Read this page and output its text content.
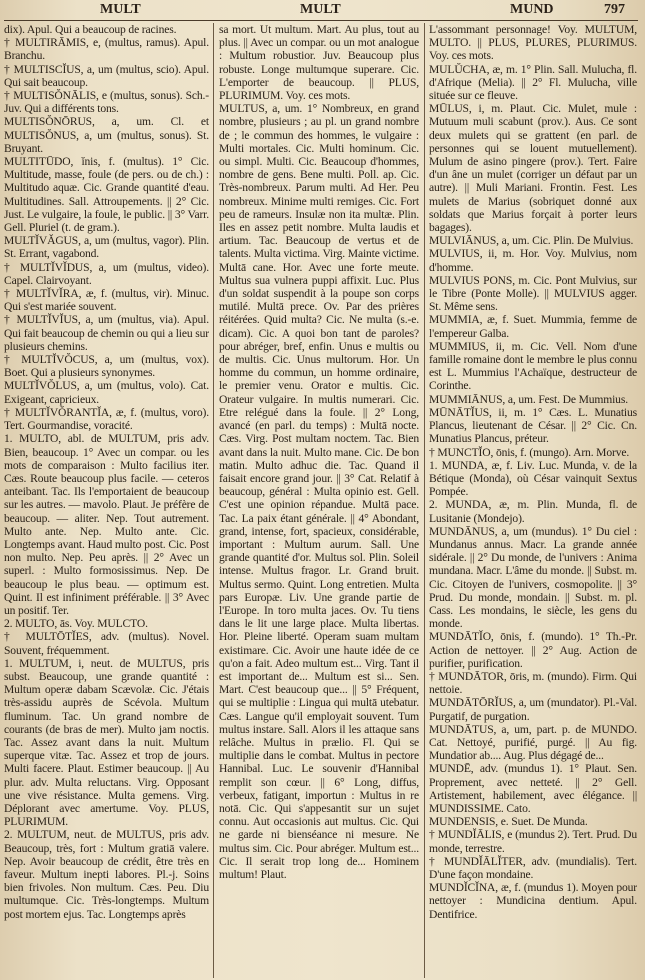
MULT	MULT	MUND	797

dix). Apul. Qui a beaucoup de racines.

† MULTIRĀMIS, e, (multus, ramus). Apul. Branchu.

† MULTISCĬUS, a, um (multus, scio). Apul. Qui sait beaucoup.

† MULTISŎNĀLIS, e (multus, sonus). Sch.-Juv. Qui a différents tons.

MULTISŎNŌRUS, a, um. Cl. et MULTISŎNUS, a, um (multus, sonus). St. Bruyant.

MULTITŪDO, ĭnis, f. (multus). 1° Cic. Multitude, masse, foule (de pers. ou de ch.) : Multitudo aquæ. Cic. Grande quantité d'eau. Multitudines. Sall. Attroupements. || 2° Cic. Just. Le vulgaire, la foule, le public. || 3° Varr. Gell. Pluriel (t. de gram.).

MULTĬVĂGUS, a, um (multus, vagor). Plin. St. Errant, vagabond.

† MULTĬVĬDUS, a, um (multus, video). Capel. Clairvoyant.

† MULTĬVĬRA, æ, f. (multus, vir). Minuc. Qui s'est mariée souvent.

† MULTĬVĬUS, a, um (multus, via). Apul. Qui fait beaucoup de chemin ou qui a lieu sur plusieurs chemins.

† MULTĬVŎCUS, a, um (multus, vox). Boet. Qui a plusieurs synonymes.

MULTĬVŎLUS, a, um (multus, volo). Cat. Exigeant, capricieux.

† MULTĬVŎRANTĬA, æ, f. (multus, voro). Tert. Gourmandise, voracité.

1. MULTO, abl. de MULTUM, pris adv. Bien, beaucoup. 1° Avec un compar. ou les mots de comparaison : Multo facilius iter. Cæs. Route beaucoup plus facile. — ceteros anteibant. Tac. Ils l'emportaient de beaucoup sur les autres. — mavolo. Plaut. Je préfère de beaucoup. — aliter. Nep. Tout autrement. Multo ante. Nep. Multo ante. Cic. Longtemps avant. Haud multo post. Cic. Post non multo. Nep. Peu après. || 2° Avec un superl. : Multo formosissimus. Nep. De beaucoup le plus beau. — optimum est. Quint. Il est infiniment préférable. || 3° Avec un positif. Ter.

2. MULTO, ās. Voy. MULCTO.

† MULTŌTĬES, adv. (multus). Novel. Souvent, fréquemment.

1. MULTUM, i, neut. de MULTUS, pris subst. Beaucoup, une grande quantité : Multum operæ dabam Scævolæ. Cic. J'étais très-assidu auprès de Scévola. Multum fluminum. Tac. Un grand nombre de courants (de bras de mer). Multo jam noctis. Tac. Assez avant dans la nuit. Multum superque vitæ. Tac. Assez et trop de jours. Multi facere. Plaut. Estimer beaucoup. || Au plur. adv. Multa reluctans. Virg. Opposant une vive résistance. Multa gemens. Virg. Déplorant avec amertume. Voy. PLUS, PLURIMUM.

2. MULTUM, neut. de MULTUS, pris adv. Beaucoup, très, fort : Multum gratiā valere. Nep. Avoir beaucoup de crédit, être très en faveur. Multum inepti labores. Pl.-j. Soins bien frivoles. Non multum. Cæs. Peu. Diu multumque. Cic. Très-longtemps. Multum post mortem ejus. Tac. Longtemps après

sa mort. Ut multum. Mart. Au plus, tout au plus. || Avec un compar. ou un mot analogue : Multum robustior. Juv. Beaucoup plus robuste. Longe multumque superare. Cic. L'emporter de beaucoup. || PLUS, PLURIMUM. Voy. ces mots.

MULTUS, a, um. 1° Nombreux, en grand nombre, plusieurs ; au pl. un grand nombre de ; le commun des hommes, le vulgaire : Multi mortales. Cic. Multi hominum. Cic. ou simpl. Multi. Cic. Beaucoup d'hommes, nombre de gens. Bene multi. Poll. ap. Cic. Très-nombreux. Parum multi. Ad Her. Peu nombreux. Minime multi remiges. Cic. Fort peu de rameurs. Insulæ non ita multæ. Plin. Iles en assez petit nombre. Multa laudis et artium. Tac. Beaucoup de vertus et de talents. Multa victima. Virg. Mainte victime. Multā cane. Hor. Avec une forte meute. Multus sua vulnera puppi affixit. Luc. Plus d'un soldat suspendit à la poupe son corps mutilé. Multā prece. Ov. Par des prières réitérées. Quid multa? Cic. Ne multa (s.-e. dicam). Cic. A quoi bon tant de paroles? pour abréger, bref, enfin. Unus e multis ou de multis. Cic. Unus multorum. Hor. Un homme du commun, un homme ordinaire, le premier venu. Orator e multis. Cic. Orateur vulgaire. In multis numerari. Cic. Etre relégué dans la foule. || 2° Long, avancé (en parl. du temps) : Multā nocte. Cæs. Virg. Post multam noctem. Tac. Bien avant dans la nuit. Multo mane. Cic. De bon matin. Multo adhuc die. Tac. Quand il faisait encore grand jour. || 3° Cat. Relatif à beaucoup, général : Multa opinio est. Gell. C'est une opinion répandue. Multā pace. Tac. La paix étant générale. || 4° Abondant, grand, intense, fort, spacieux, considérable, important : Multum aurum. Sall. Une grande quantité d'or. Multus sol. Plin. Soleil intense. Multus fragor. Lr. Grand bruit. Multus sermo. Quint. Long entretien. Multa pars Europæ. Liv. Une grande partie de l'Europe. In toro multa jaces. Ov. Tu tiens dans le lit une large place. Multa libertas. Hor. Pleine liberté. Operam suam multam existimare. Cic. Avoir une haute idée de ce qu'on a fait. Adeo multum est... Virg. Tant il est important de... Multum est si... Sen. Mart. C'est beaucoup que... || 5° Fréquent, qui se multiplie : Lingua qui multā utebatur. Cæs. Langue qu'il employait souvent. Tum multus instare. Sall. Alors il les attaque sans relâche. Multus in prælio. Fl. Qui se multiplie dans le combat. Multus in pectore Hannibal. Luc. Le souvenir d'Hannibal remplit son cœur. || 6° Long, diffus, verbeux, fatigant, importun : Multus in re notā. Cic. Qui s'appesantit sur un sujet connu. Aut occasionis aut multus. Cic. Qui ne garde ni bienséance ni mesure. Ne multus sim. Cic. Pour abréger. Multum est... Cic. Il serait trop long de... Hominem multum! Plaut.

L'assommant personnage! Voy. MULTUM, MULTO. || PLUS, PLURES, PLURIMUS. Voy. ces mots.

MULŬCHA, æ, m. 1° Plin. Sall. Mulucha, fl. d'Afrique (Melia). || 2° Fl. Mulucha, ville située sur ce fleuve.

MŪLUS, i, m. Plaut. Cic. Mulet, mule : Mutuum muli scabunt (prov.). Aus. Ce sont deux mulets qui se grattent (en parl. de personnes qui se louent mutuellement). Mulum de asino pingere (prov.). Tert. Faire d'un âne un mulet (corriger un défaut par un autre). || Muli Mariani. Frontin. Fest. Les mulets de Marius (sobriquet donné aux soldats que Marius forçait à porter leurs bagages).

MULVIĀNUS, a, um. Cic. Plin. De Mulvius.

MULVIUS, ii, m. Hor. Voy. Mulvius, nom d'homme.

MULVIUS PONS, m. Cic. Pont Mulvius, sur le Tibre (Ponte Molle). || MULVIUS agger. St. Même sens.

MUMMIA, æ, f. Suet. Mummia, femme de l'empereur Galba.

MUMMIUS, ii, m. Cic. Vell. Nom d'une famille romaine dont le membre le plus connu est L. Mummius l'Achaïque, destructeur de Corinthe.

MUMMIĀNUS, a, um. Fest. De Mummius.

MŪNĀTĬUS, ii, m. 1° Cæs. L. Munatius Plancus, lieutenant de César. || 2° Cic. Cn. Munatius Plancus, préteur.

† MUNCTĬO, ōnis, f. (mungo). Arn. Morve.

1. MUNDA, æ, f. Liv. Luc. Munda, v. de la Bétique (Monda), où César vainquit Sextus Pompée.

2. MUNDA, æ, m. Plin. Munda, fl. de Lusitanie (Mondejo).

MUNDĀNUS, a, um (mundus). 1° Du ciel : Mundanus annus. Macr. La grande année sidérale. || 2° Du monde, de l'univers : Anima mundana. Macr. L'âme du monde. || Subst. m. Cic. Citoyen de l'univers, cosmopolite. || 3° Prud. Du monde, mondain. || Subst. m. pl. Cass. Les mondains, le siècle, les gens du monde.

MUNDĀTĬO, ōnis, f. (mundo). 1° Th.-Pr. Action de nettoyer. || 2° Aug. Action de purifier, purification.

† MUNDĀTOR, ōris, m. (mundo). Firm. Qui nettoie.

MUNDĀTŌRĬUS, a, um (mundator). Pl.-Val. Purgatif, de purgation.

MUNDĀTUS, a, um, part. p. de MUNDO. Cat. Nettoyé, purifié, purgé. || Au fig. Mundatior ab.... Aug. Plus dégagé de...

MUNDĒ, adv. (mundus 1). 1° Plaut. Sen. Proprement, avec netteté. || 2° Gell. Artistement, habilement, avec élégance. || MUNDISSIME. Cato.

MUNDENSIS, e. Suet. De Munda.

† MUNDĬĀLIS, e (mundus 2). Tert. Prud. Du monde, terrestre.

† MUNDĬĀLĬTER, adv. (mundialis). Tert. D'une façon mondaine.

MUNDĬCĬNA, æ, f. (mundus 1). Moyen pour nettoyer : Mundicina dentium. Apul. Dentifrice.
